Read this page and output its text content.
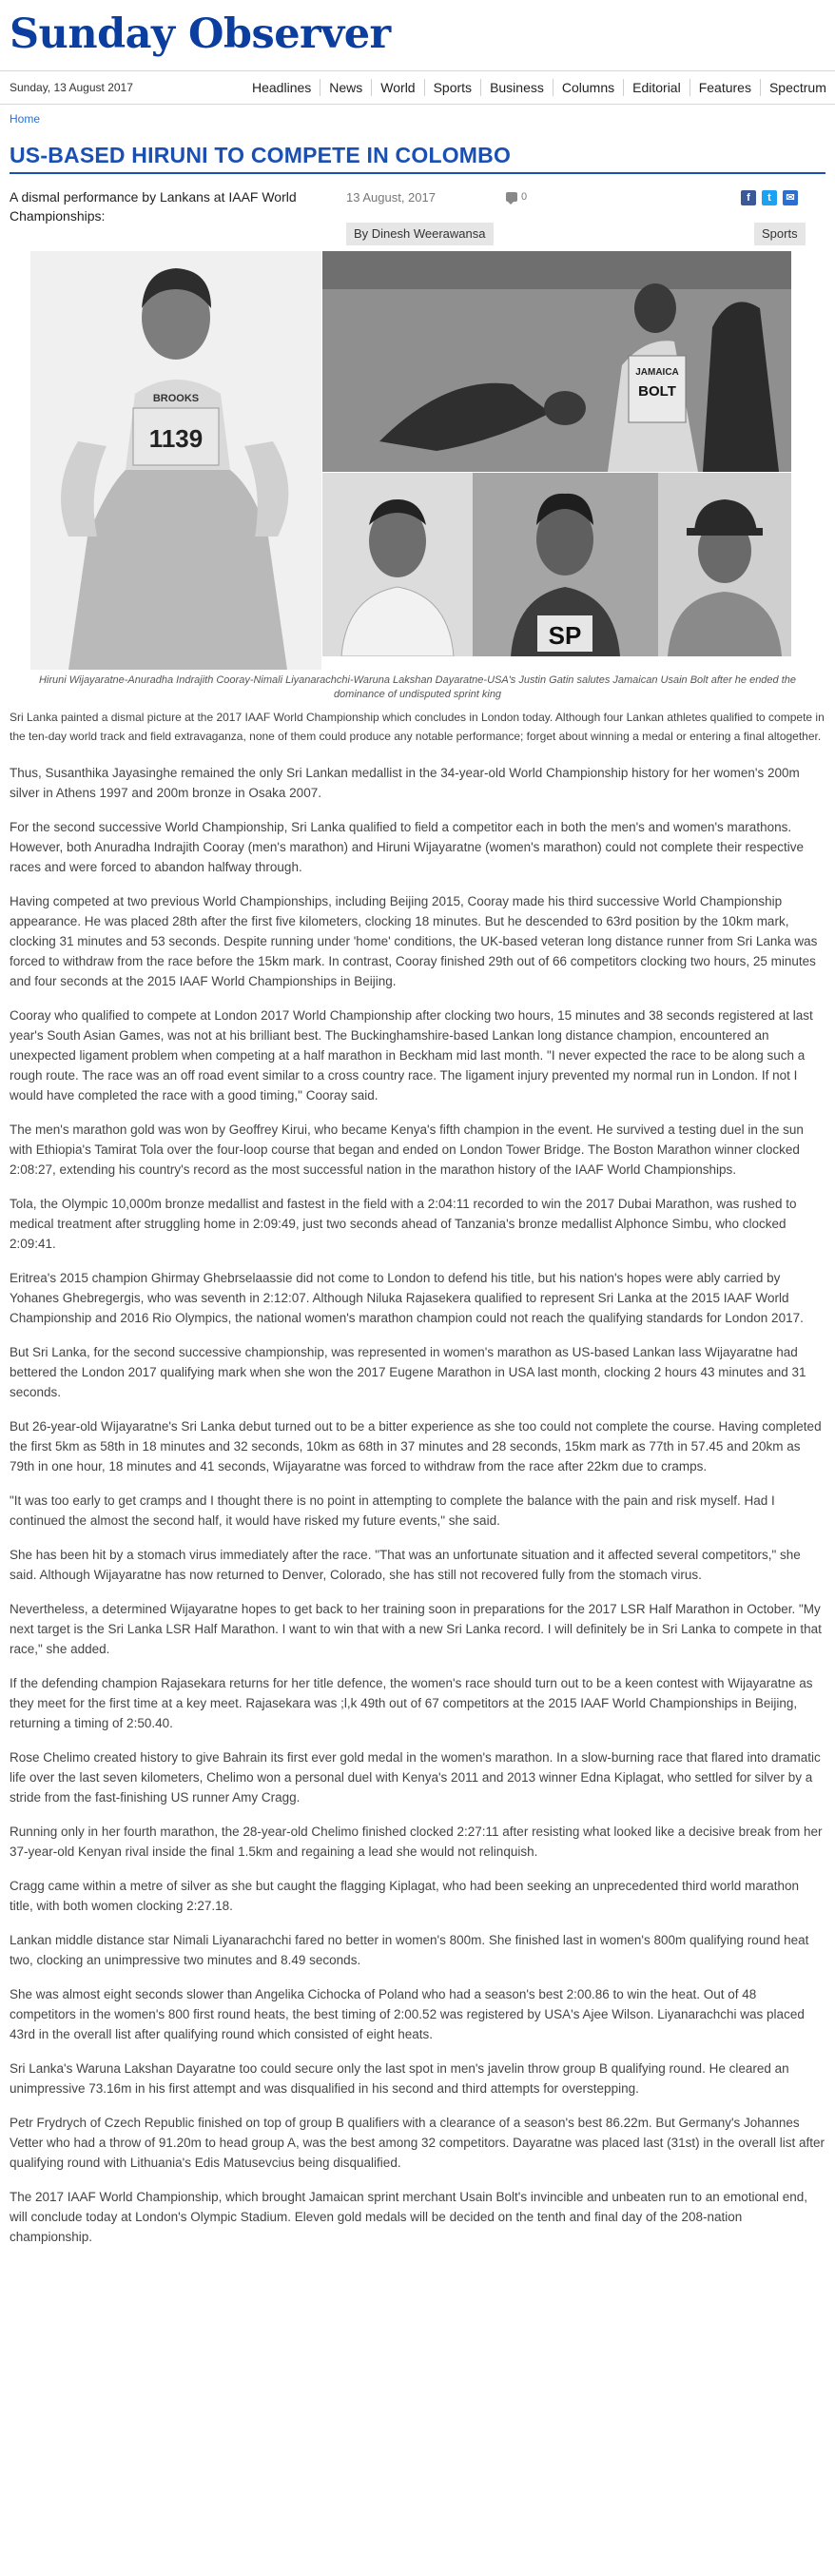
Sunday Observer
Sunday, 13 August 2017	Headlines	News	World	Sports	Business	Columns	Editorial	Features	Spectrum
Home
US-BASED HIRUNI TO COMPETE IN COLOMBO
A dismal performance by Lankans at IAAF World Championships:
13 August, 2017	0	f	t	✉
By Dinesh Weerawansa	Sports
1139
BROOKS
JAMAICA
BOLT
SP
Hiruni Wijayaratne-Anuradha Indrajith Cooray-Nimali Liyanarachchi-Waruna Lakshan Dayaratne-USA's Justin Gatin salutes Jamaican Usain Bolt after he ended the dominance of undisputed sprint king

Sri Lanka painted a dismal picture at the 2017 IAAF World Championship which concludes in London today. Although four Lankan athletes qualified to compete in the ten-day world track and field extravaganza, none of them could produce any notable performance; forget about winning a medal or entering a final altogether.

Thus, Susanthika Jayasinghe remained the only Sri Lankan medallist in the 34-year-old World Championship history for her women's 200m silver in Athens 1997 and 200m bronze in Osaka 2007.

For the second successive World Championship, Sri Lanka qualified to field a competitor each in both the men's and women's marathons. However, both Anuradha Indrajith Cooray (men's marathon) and Hiruni Wijayaratne (women's marathon) could not complete their respective races and were forced to abandon halfway through.

Having competed at two previous World Championships, including Beijing 2015, Cooray made his third successive World Championship appearance. He was placed 28th after the first five kilometers, clocking 18 minutes. But he descended to 63rd position by the 10km mark, clocking 31 minutes and 53 seconds. Despite running under 'home' conditions, the UK-based veteran long distance runner from Sri Lanka was forced to withdraw from the race before the 15km mark. In contrast, Cooray finished 29th out of 66 competitors clocking two hours, 25 minutes and four seconds at the 2015 IAAF World Championships in Beijing.

Cooray who qualified to compete at London 2017 World Championship after clocking two hours, 15 minutes and 38 seconds registered at last year's South Asian Games, was not at his brilliant best. The Buckinghamshire-based Lankan long distance champion, encountered an unexpected ligament problem when competing at a half marathon in Beckham mid last month. "I never expected the race to be along such a rough route. The race was an off road event similar to a cross country race. The ligament injury prevented my normal run in London. If not I would have completed the race with a good timing," Cooray said.

The men's marathon gold was won by Geoffrey Kirui, who became Kenya's fifth champion in the event. He survived a testing duel in the sun with Ethiopia's Tamirat Tola over the four-loop course that began and ended on London Tower Bridge. The Boston Marathon winner clocked 2:08:27, extending his country's record as the most successful nation in the marathon history of the IAAF World Championships.

Tola, the Olympic 10,000m bronze medallist and fastest in the field with a 2:04:11 recorded to win the 2017 Dubai Marathon, was rushed to medical treatment after struggling home in 2:09:49, just two seconds ahead of Tanzania's bronze medallist Alphonce Simbu, who clocked 2:09:41.

Eritrea's 2015 champion Ghirmay Ghebrselaassie did not come to London to defend his title, but his nation's hopes were ably carried by Yohanes Ghebregergis, who was seventh in 2:12:07. Although Niluka Rajasekera qualified to represent Sri Lanka at the 2015 IAAF World Championship and 2016 Rio Olympics, the national women's marathon champion could not reach the qualifying standards for London 2017.

But Sri Lanka, for the second successive championship, was represented in women's marathon as US-based Lankan lass Wijayaratne had bettered the London 2017 qualifying mark when she won the 2017 Eugene Marathon in USA last month, clocking 2 hours 43 minutes and 31 seconds.

But 26-year-old Wijayaratne's Sri Lanka debut turned out to be a bitter experience as she too could not complete the course. Having completed the first 5km as 58th in 18 minutes and 32 seconds, 10km as 68th in 37 minutes and 28 seconds, 15km mark as 77th in 57.45 and 20km as 79th in one hour, 18 minutes and 41 seconds, Wijayaratne was forced to withdraw from the race after 22km due to cramps.

"It was too early to get cramps and I thought there is no point in attempting to complete the balance with the pain and risk myself. Had I continued the almost the second half, it would have risked my future events," she said.

She has been hit by a stomach virus immediately after the race. "That was an unfortunate situation and it affected several competitors," she said. Although Wijayaratne has now returned to Denver, Colorado, she has still not recovered fully from the stomach virus.

Nevertheless, a determined Wijayaratne hopes to get back to her training soon in preparations for the 2017 LSR Half Marathon in October. "My next target is the Sri Lanka LSR Half Marathon. I want to win that with a new Sri Lanka record. I will definitely be in Sri Lanka to compete in that race," she added.

If the defending champion Rajasekara returns for her title defence, the women's race should turn out to be a keen contest with Wijayaratne as they meet for the first time at a key meet. Rajasekara was ;l,k 49th out of 67 competitors at the 2015 IAAF World Championships in Beijing, returning a timing of 2:50.40.

Rose Chelimo created history to give Bahrain its first ever gold medal in the women's marathon. In a slow-burning race that flared into dramatic life over the last seven kilometers, Chelimo won a personal duel with Kenya's 2011 and 2013 winner Edna Kiplagat, who settled for silver by a stride from the fast-finishing US runner Amy Cragg.

Running only in her fourth marathon, the 28-year-old Chelimo finished clocked 2:27:11 after resisting what looked like a decisive break from her 37-year-old Kenyan rival inside the final 1.5km and regaining a lead she would not relinquish.

Cragg came within a metre of silver as she but caught the flagging Kiplagat, who had been seeking an unprecedented third world marathon title, with both women clocking 2:27.18.

Lankan middle distance star Nimali Liyanarachchi fared no better in women's 800m. She finished last in women's 800m qualifying round heat two, clocking an unimpressive two minutes and 8.49 seconds.

She was almost eight seconds slower than Angelika Cichocka of Poland who had a season's best 2:00.86 to win the heat. Out of 48 competitors in the women's 800 first round heats, the best timing of 2:00.52 was registered by USA's Ajee Wilson. Liyanarachchi was placed 43rd in the overall list after qualifying round which consisted of eight heats.

Sri Lanka's Waruna Lakshan Dayaratne too could secure only the last spot in men's javelin throw group B qualifying round. He cleared an unimpressive 73.16m in his first attempt and was disqualified in his second and third attempts for overstepping.

Petr Frydrych of Czech Republic finished on top of group B qualifiers with a clearance of a season's best 86.22m. But Germany's Johannes Vetter who had a throw of 91.20m to head group A, was the best among 32 competitors. Dayaratne was placed last (31st) in the overall list after qualifying round with Lithuania's Edis Matusevcius being disqualified.

The 2017 IAAF World Championship, which brought Jamaican sprint merchant Usain Bolt's invincible and unbeaten run to an emotional end, will conclude today at London's Olympic Stadium. Eleven gold medals will be decided on the tenth and final day of the 208-nation championship.
